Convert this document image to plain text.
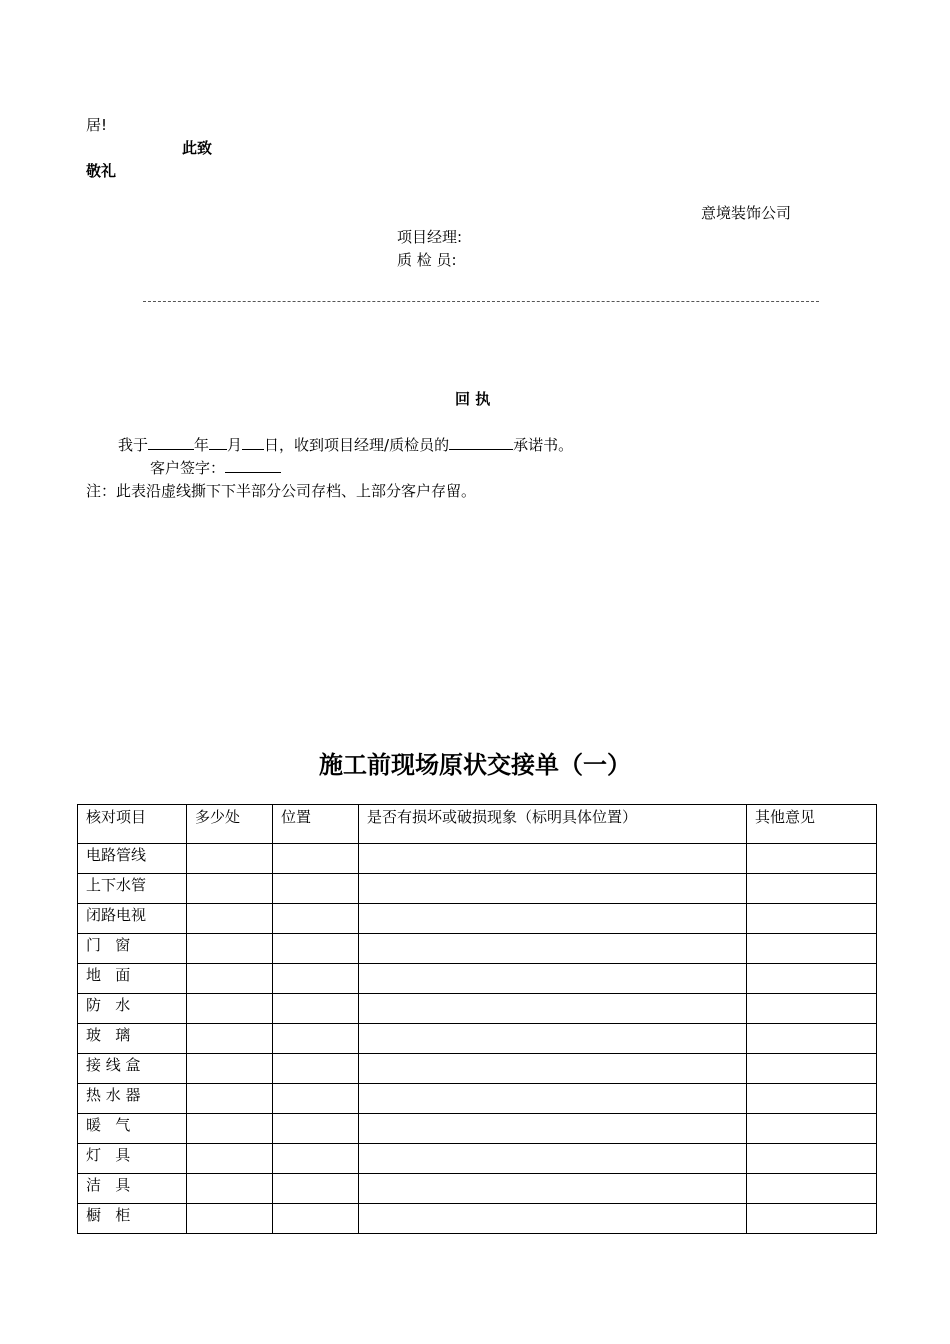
居!
此致
敬礼
意境装饰公司
项目经理:
质 检 员:
回 执
我于	年 月 日，收到项目经理/质检员的	承诺书。
客户签字：
注：此表沿虚线撕下下半部分公司存档、上部分客户存留。
施工前现场原状交接单（一）
核对项目	多少处	位置	是否有损坏或破损现象（标明具体位置）	其他意见
电路管线				
上下水管				
闭路电视				
门   窗				
地   面				
防   水				
玻   璃				
接 线 盒				
热 水 器				
暖   气				
灯   具				
洁   具				
橱   柜				
